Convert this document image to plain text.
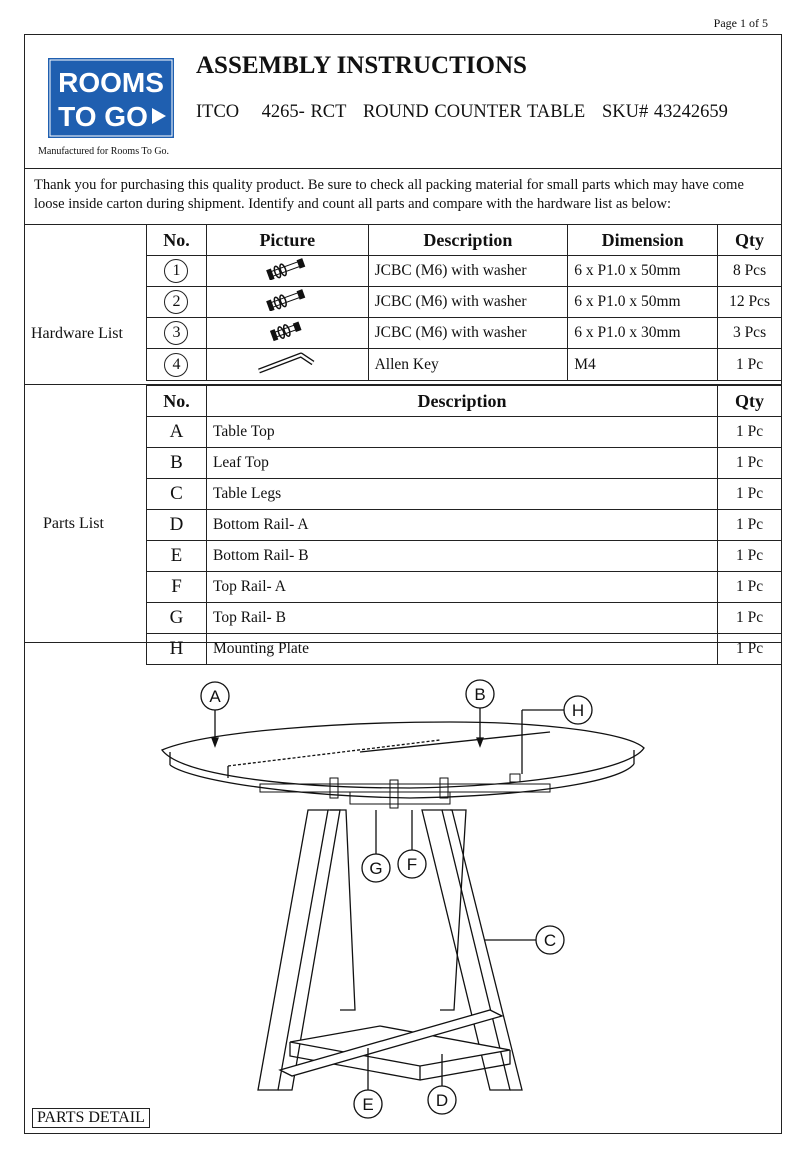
Page 1 of 5
ROOMS
TO GO
Manufactured for Rooms To Go.
ASSEMBLY INSTRUCTIONS
ITCO    4265- RCT   ROUND COUNTER TABLE   SKU# 43242659
Thank you for purchasing this quality product. Be sure to check all packing material for small parts which may have come loose inside carton during shipment. Identify and count all parts and compare with the hardware list as below:
Hardware List
No.	Picture	Description	Dimension	Qty
1		JCBC (M6) with washer	6 x P1.0 x 50mm	8 Pcs
2		JCBC (M6) with washer	6 x P1.0 x 50mm	12 Pcs
3		JCBC (M6) with washer	6 x P1.0 x 30mm	3 Pcs
4		Allen Key	M4	1 Pc
Parts List
No.	Description	Qty
A	Table Top	1 Pc
B	Leaf Top	1 Pc
C	Table Legs	1 Pc
D	Bottom Rail- A	1 Pc
E	Bottom Rail- B	1 Pc
F	Top Rail- A	1 Pc
G	Top Rail- B	1 Pc
H	Mounting Plate	1 Pc
A	B
H
G F
C
E	D
PARTS DETAIL
